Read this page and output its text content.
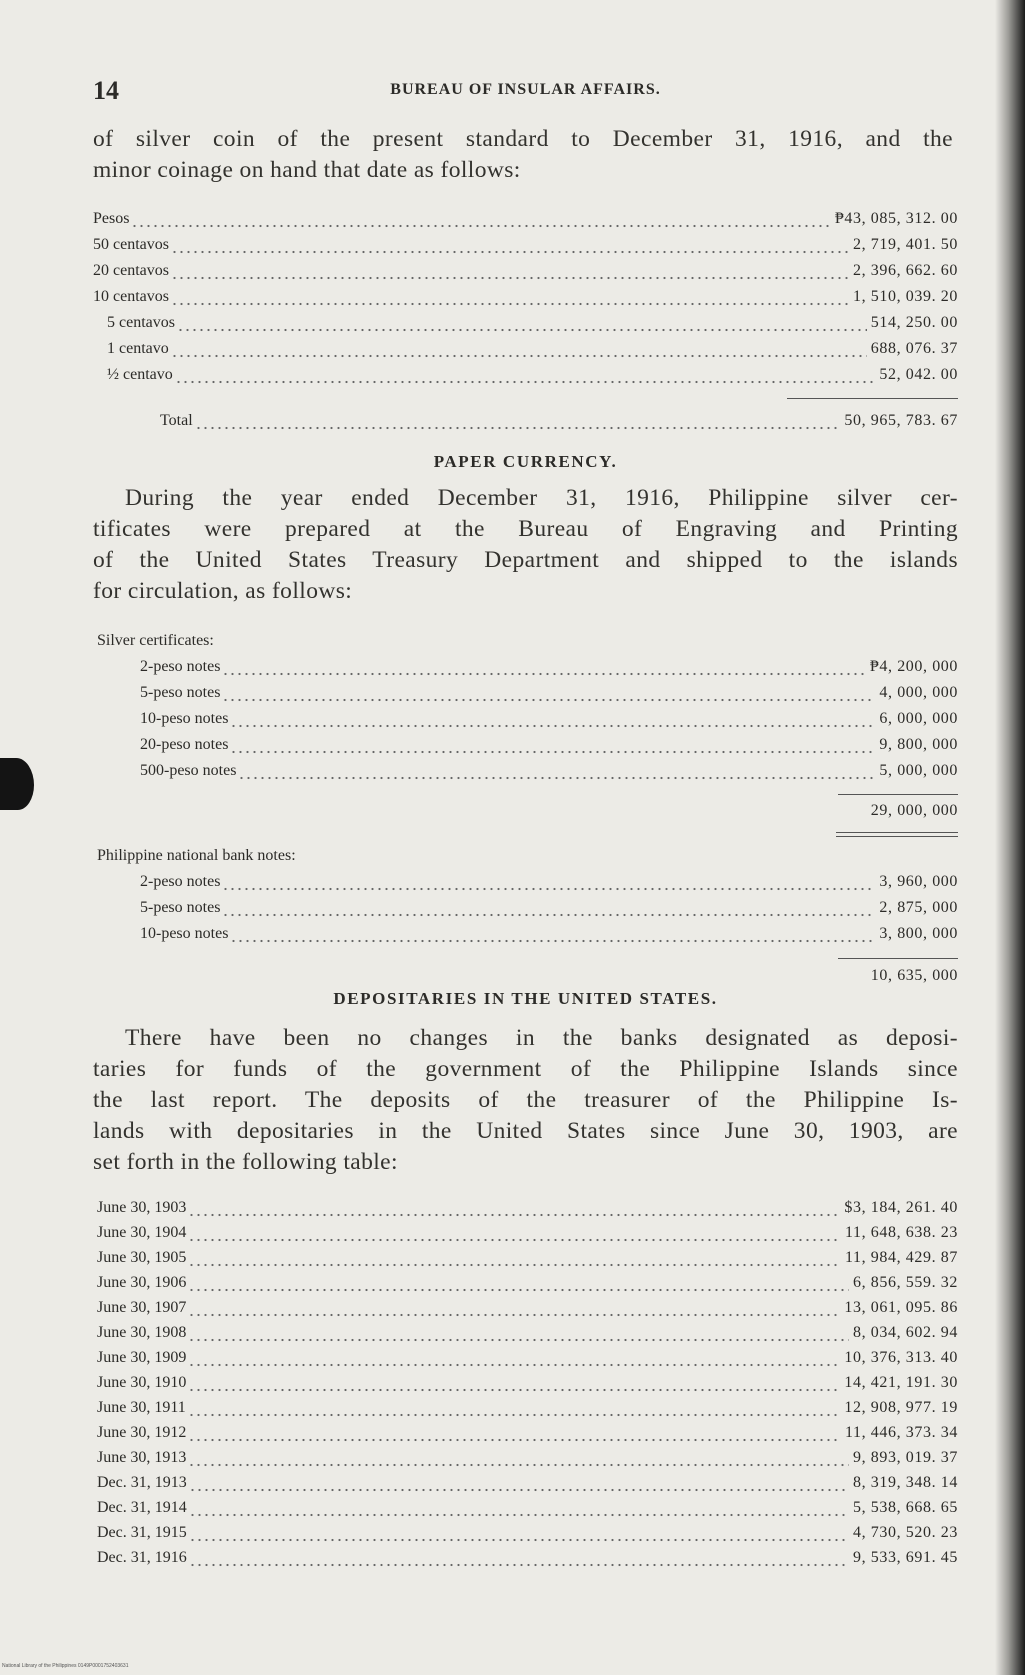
14	BUREAU OF INSULAR AFFAIRS.

of silver coin of the present standard to December 31, 1916, and the
minor coinage on hand that date as follows:

Pesos	₱43, 085, 312. 00
50 centavos	2, 719, 401. 50
20 centavos	2, 396, 662. 60
10 centavos	1, 510, 039. 20
5 centavos	514, 250. 00
1 centavo	688, 076. 37
½ centavo	52, 042. 00
Total	50, 965, 783. 67
PAPER CURRENCY.

During the year ended December 31, 1916, Philippine silver cer-
tificates were prepared at the Bureau of Engraving and Printing
of the United States Treasury Department and shipped to the islands
for circulation, as follows:

Silver certificates:
2-peso notes	₱4, 200, 000
5-peso notes	4, 000, 000
10-peso notes	6, 000, 000
20-peso notes	9, 800, 000
500-peso notes	5, 000, 000
29, 000, 000
Philippine national bank notes:
2-peso notes	3, 960, 000
5-peso notes	2, 875, 000
10-peso notes	3, 800, 000
10, 635, 000
DEPOSITARIES IN THE UNITED STATES.

There have been no changes in the banks designated as deposi-
taries for funds of the government of the Philippine Islands since
the last report. The deposits of the treasurer of the Philippine Is-
lands with depositaries in the United States since June 30, 1903, are
set forth in the following table:

June 30, 1903	$3, 184, 261. 40
June 30, 1904	11, 648, 638. 23
June 30, 1905	11, 984, 429. 87
June 30, 1906	6, 856, 559. 32
June 30, 1907	13, 061, 095. 86
June 30, 1908	8, 034, 602. 94
June 30, 1909	10, 376, 313. 40
June 30, 1910	14, 421, 191. 30
June 30, 1911	12, 908, 977. 19
June 30, 1912	11, 446, 373. 34
June 30, 1913	9, 893, 019. 37
Dec. 31, 1913	8, 319, 348. 14
Dec. 31, 1914	5, 538, 668. 65
Dec. 31, 1915	4, 730, 520. 23
Dec. 31, 1916	9, 533, 691. 45
National Library of the Philippines 0149P0001752403631
